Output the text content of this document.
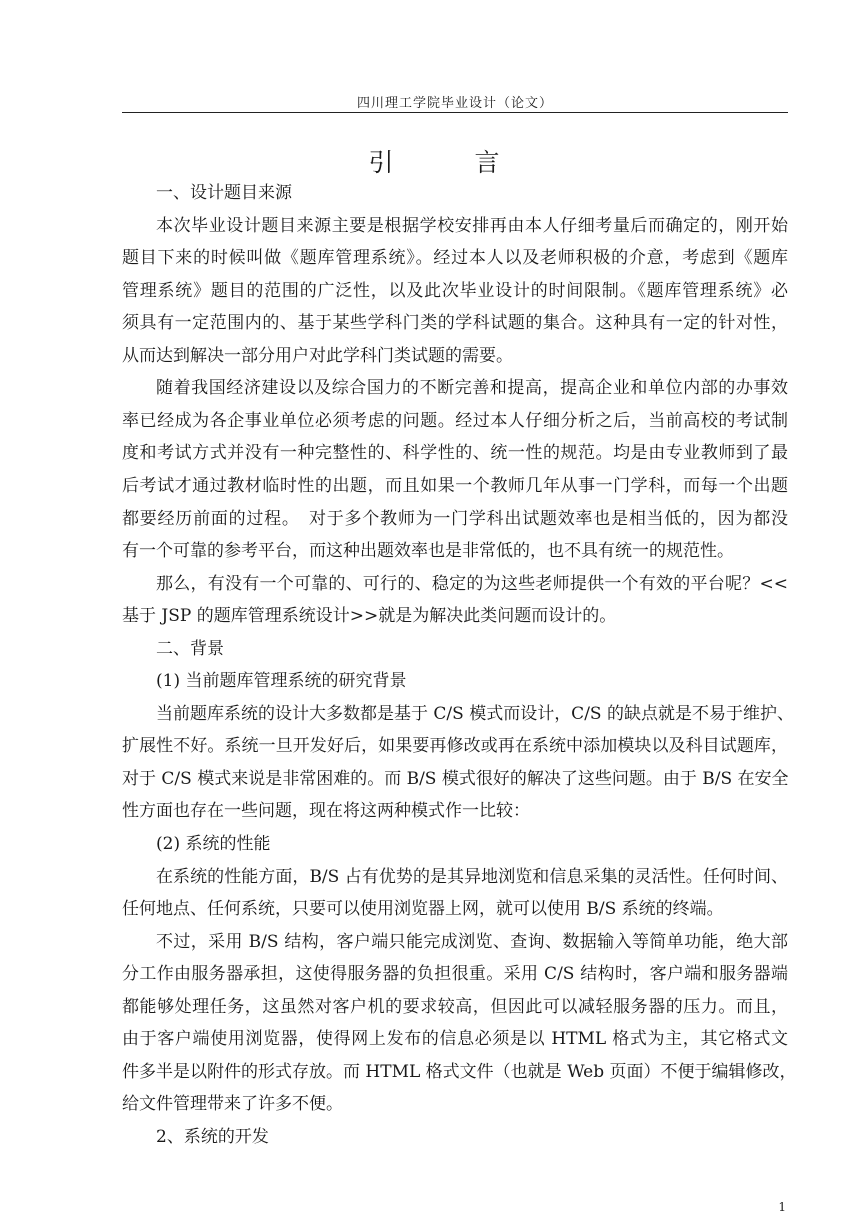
四川理工学院毕业设计（论文）
引　言
一、设计题目来源
本次毕业设计题目来源主要是根据学校安排再由本人仔细考量后而确定的，刚开始
题目下来的时候叫做《题库管理系统》。经过本人以及老师积极的介意，考虑到《题库
管理系统》题目的范围的广泛性，以及此次毕业设计的时间限制。《题库管理系统》必
须具有一定范围内的、基于某些学科门类的学科试题的集合。这种具有一定的针对性，
从而达到解决一部分用户对此学科门类试题的需要。
随着我国经济建设以及综合国力的不断完善和提高，提高企业和单位内部的办事效
率已经成为各企事业单位必须考虑的问题。经过本人仔细分析之后，当前高校的考试制
度和考试方式并没有一种完整性的、科学性的、统一性的规范。均是由专业教师到了最
后考试才通过教材临时性的出题，而且如果一个教师几年从事一门学科，而每一个出题
都要经历前面的过程。　对于多个教师为一门学科出试题效率也是相当低的，因为都没
有一个可靠的参考平台，而这种出题效率也是非常低的，也不具有统一的规范性。
那么，有没有一个可靠的、可行的、稳定的为这些老师提供一个有效的平台呢？<<
基于 JSP 的题库管理系统设计>>就是为解决此类问题而设计的。
二、背景
(1) 当前题库管理系统的研究背景
当前题库系统的设计大多数都是基于 C/S 模式而设计，C/S 的缺点就是不易于维护、
扩展性不好。系统一旦开发好后，如果要再修改或再在系统中添加模块以及科目试题库，
对于 C/S 模式来说是非常困难的。而 B/S 模式很好的解决了这些问题。由于 B/S 在安全
性方面也存在一些问题，现在将这两种模式作一比较：
(2) 系统的性能
在系统的性能方面，B/S 占有优势的是其异地浏览和信息采集的灵活性。任何时间、
任何地点、任何系统，只要可以使用浏览器上网，就可以使用 B/S 系统的终端。
不过，采用 B/S 结构，客户端只能完成浏览、查询、数据输入等简单功能，绝大部
分工作由服务器承担，这使得服务器的负担很重。采用 C/S 结构时，客户端和服务器端
都能够处理任务，这虽然对客户机的要求较高，但因此可以减轻服务器的压力。而且，
由于客户端使用浏览器，使得网上发布的信息必须是以 HTML 格式为主，其它格式文
件多半是以附件的形式存放。而 HTML 格式文件（也就是 Web 页面）不便于编辑修改，
给文件管理带来了许多不便。
2、系统的开发
1
